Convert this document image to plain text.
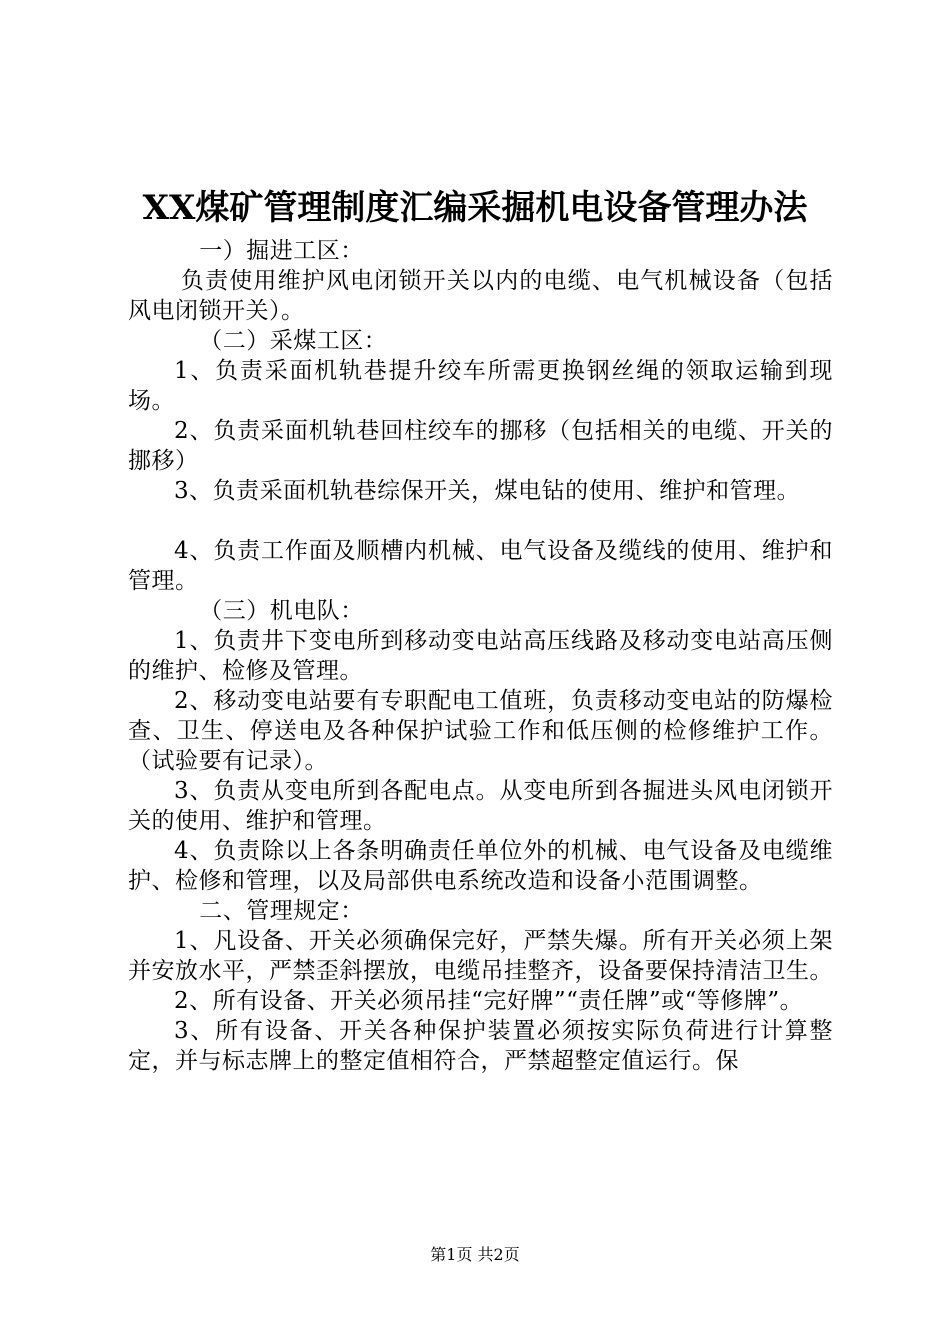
XX煤矿管理制度汇编采掘机电设备管理办法

一）掘进工区：

负责使用维护风电闭锁开关以内的电缆、电气机械设备（包括风电闭锁开关）。

（二）采煤工区：

1、负责采面机轨巷提升绞车所需更换钢丝绳的领取运输到现场。

2、负责采面机轨巷回柱绞车的挪移（包括相关的电缆、开关的挪移）

3、负责采面机轨巷综保开关，煤电钻的使用、维护和管理。

4、负责工作面及顺槽内机械、电气设备及缆线的使用、维护和管理。

（三）机电队：

1、负责井下变电所到移动变电站高压线路及移动变电站高压侧的维护、检修及管理。

2、移动变电站要有专职配电工值班，负责移动变电站的防爆检查、卫生、停送电及各种保护试验工作和低压侧的检修维护工作。（试验要有记录）。

3、负责从变电所到各配电点。从变电所到各掘进头风电闭锁开关的使用、维护和管理。

4、负责除以上各条明确责任单位外的机械、电气设备及电缆维护、检修和管理，以及局部供电系统改造和设备小范围调整。

二、管理规定：

1、凡设备、开关必须确保完好，严禁失爆。所有开关必须上架并安放水平，严禁歪斜摆放，电缆吊挂整齐，设备要保持清洁卫生。

2、所有设备、开关必须吊挂“完好牌”“责任牌”或“等修牌”。

3、所有设备、开关各种保护装置必须按实际负荷进行计算整定，并与标志牌上的整定值相符合，严禁超整定值运行。保

第1页 共2页
